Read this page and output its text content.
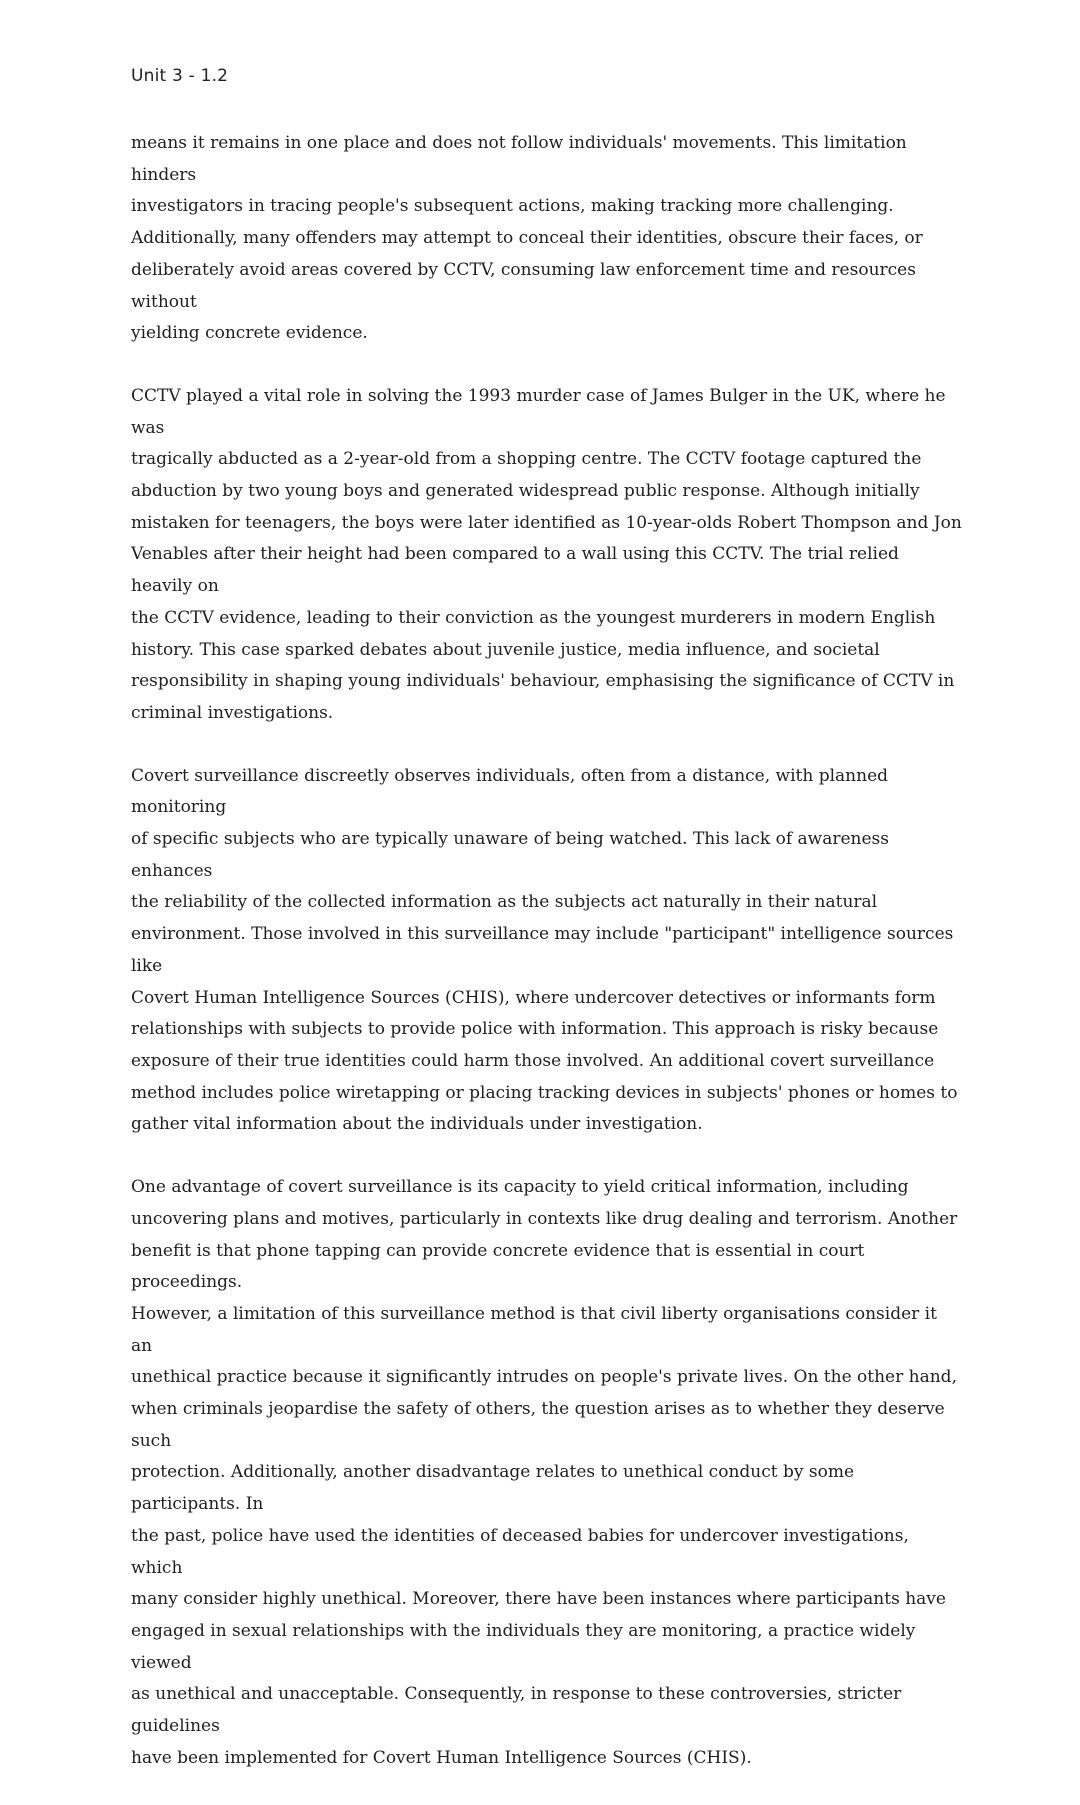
Unit 3 - 1.2

means it remains in one place and does not follow individuals' movements. This limitation hinders
investigators in tracing people's subsequent actions, making tracking more challenging.
Additionally, many offenders may attempt to conceal their identities, obscure their faces, or
deliberately avoid areas covered by CCTV, consuming law enforcement time and resources without
yielding concrete evidence.

CCTV played a vital role in solving the 1993 murder case of James Bulger in the UK, where he was
tragically abducted as a 2-year-old from a shopping centre. The CCTV footage captured the
abduction by two young boys and generated widespread public response. Although initially
mistaken for teenagers, the boys were later identified as 10-year-olds Robert Thompson and Jon
Venables after their height had been compared to a wall using this CCTV. The trial relied heavily on
the CCTV evidence, leading to their conviction as the youngest murderers in modern English
history. This case sparked debates about juvenile justice, media influence, and societal
responsibility in shaping young individuals' behaviour, emphasising the significance of CCTV in
criminal investigations.

Covert surveillance discreetly observes individuals, often from a distance, with planned monitoring
of specific subjects who are typically unaware of being watched. This lack of awareness enhances
the reliability of the collected information as the subjects act naturally in their natural
environment. Those involved in this surveillance may include "participant" intelligence sources like
Covert Human Intelligence Sources (CHIS), where undercover detectives or informants form
relationships with subjects to provide police with information. This approach is risky because
exposure of their true identities could harm those involved. An additional covert surveillance
method includes police wiretapping or placing tracking devices in subjects' phones or homes to
gather vital information about the individuals under investigation.

One advantage of covert surveillance is its capacity to yield critical information, including
uncovering plans and motives, particularly in contexts like drug dealing and terrorism. Another
benefit is that phone tapping can provide concrete evidence that is essential in court proceedings.
However, a limitation of this surveillance method is that civil liberty organisations consider it an
unethical practice because it significantly intrudes on people's private lives. On the other hand,
when criminals jeopardise the safety of others, the question arises as to whether they deserve such
protection. Additionally, another disadvantage relates to unethical conduct by some participants. In
the past, police have used the identities of deceased babies for undercover investigations, which
many consider highly unethical. Moreover, there have been instances where participants have
engaged in sexual relationships with the individuals they are monitoring, a practice widely viewed
as unethical and unacceptable. Consequently, in response to these controversies, stricter guidelines
have been implemented for Covert Human Intelligence Sources (CHIS).
